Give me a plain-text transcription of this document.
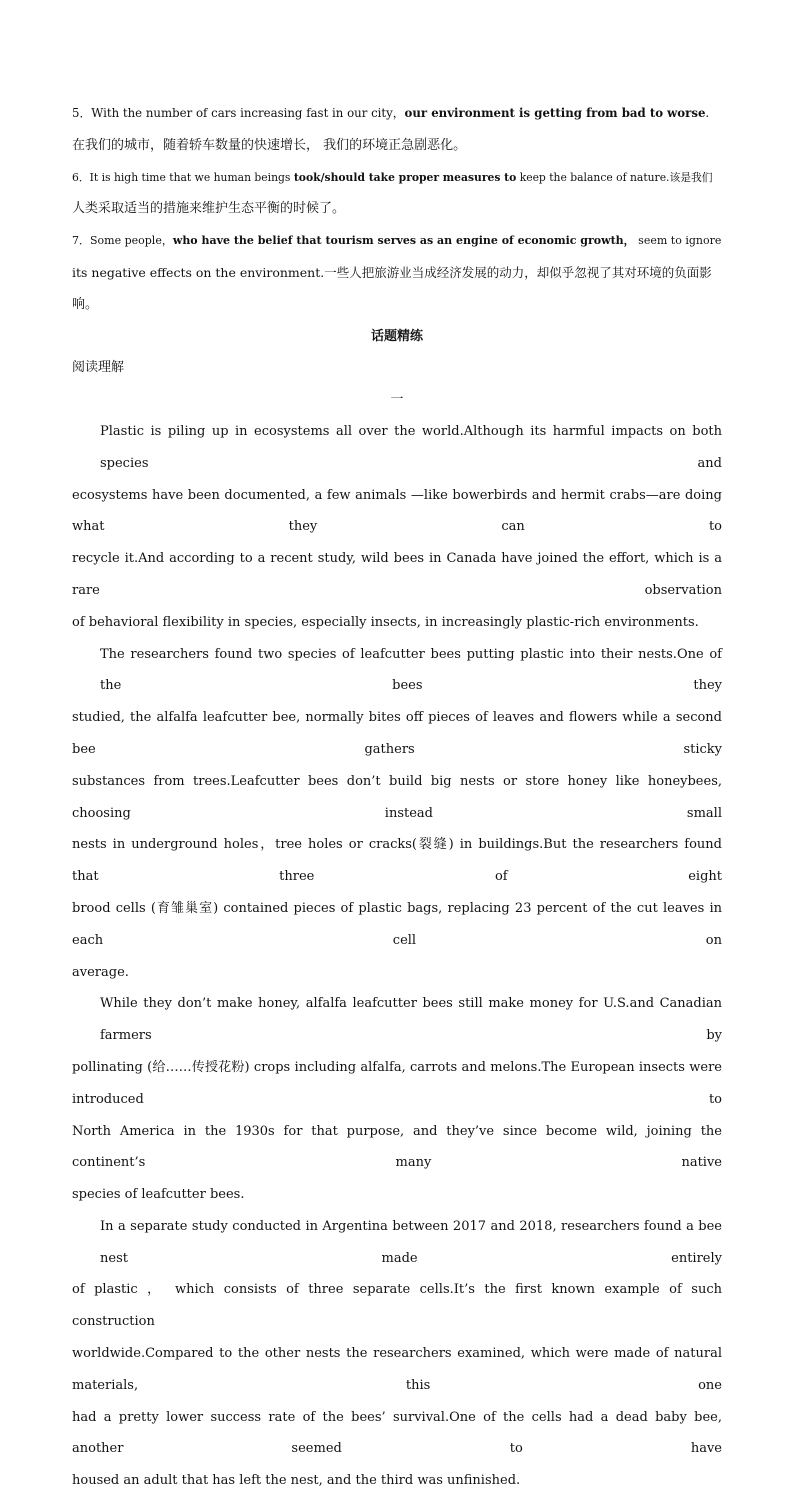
5．With the number of cars increasing fast in our city，our environment is getting from bad to worse.

在我们的城市，随着轿车数量的快速增长， 我们的环境正急剧恶化。

6．It is high time that we human beings took/should take proper measures to keep the balance of nature.该是我们

人类采取适当的措施来维护生态平衡的时候了。

7．Some people，who have the belief that tourism serves as an engine of economic growth， seem to ignore

its negative effects on the environment.一些人把旅游业当成经济发展的动力，却似乎忽视了其对环境的负面影

响。

话题精练

阅读理解

一

Plastic is piling up in ecosystems all over the world.Although its harmful impacts on both species and

ecosystems have been documented, a few animals —like bowerbirds and hermit crabs—are doing what they can to

recycle it.And according to a recent study, wild bees in Canada have joined the effort, which is a rare observation

of behavioral flexibility in species, especially insects, in increasingly plastic-rich environments.

The researchers found two species of leafcutter bees putting plastic into their nests.One of the bees they

studied, the alfalfa leafcutter bee, normally bites off pieces of leaves and flowers while a second bee gathers sticky

substances from trees.Leafcutter bees don’t build big nests or store honey like honeybees, choosing instead small

nests in underground holes，tree holes or cracks(裂缝) in buildings.But the researchers found that three of eight

brood cells (育雏巢室) contained pieces of plastic bags, replacing 23 percent of the cut leaves in each cell on

average.

While they don’t make honey, alfalfa leafcutter bees still make money for U.S.and Canadian farmers by

pollinating (给……传授花粉) crops including alfalfa, carrots and melons.The European insects were introduced to

North America in the 1930s for that purpose, and they’ve since become wild, joining the continent’s many native

species of leafcutter bees.

In a separate study conducted in Argentina between 2017 and 2018, researchers found a bee nest made entirely

of plastic ， which consists of three separate cells.It’s the first known example of such construction

worldwide.Compared to the other nests the researchers examined, which were made of natural materials, this one

had a pretty lower success rate of the bees’ survival.One of the cells had a dead baby bee, another seemed to have

housed an adult that has left the nest, and the third was unfinished.
